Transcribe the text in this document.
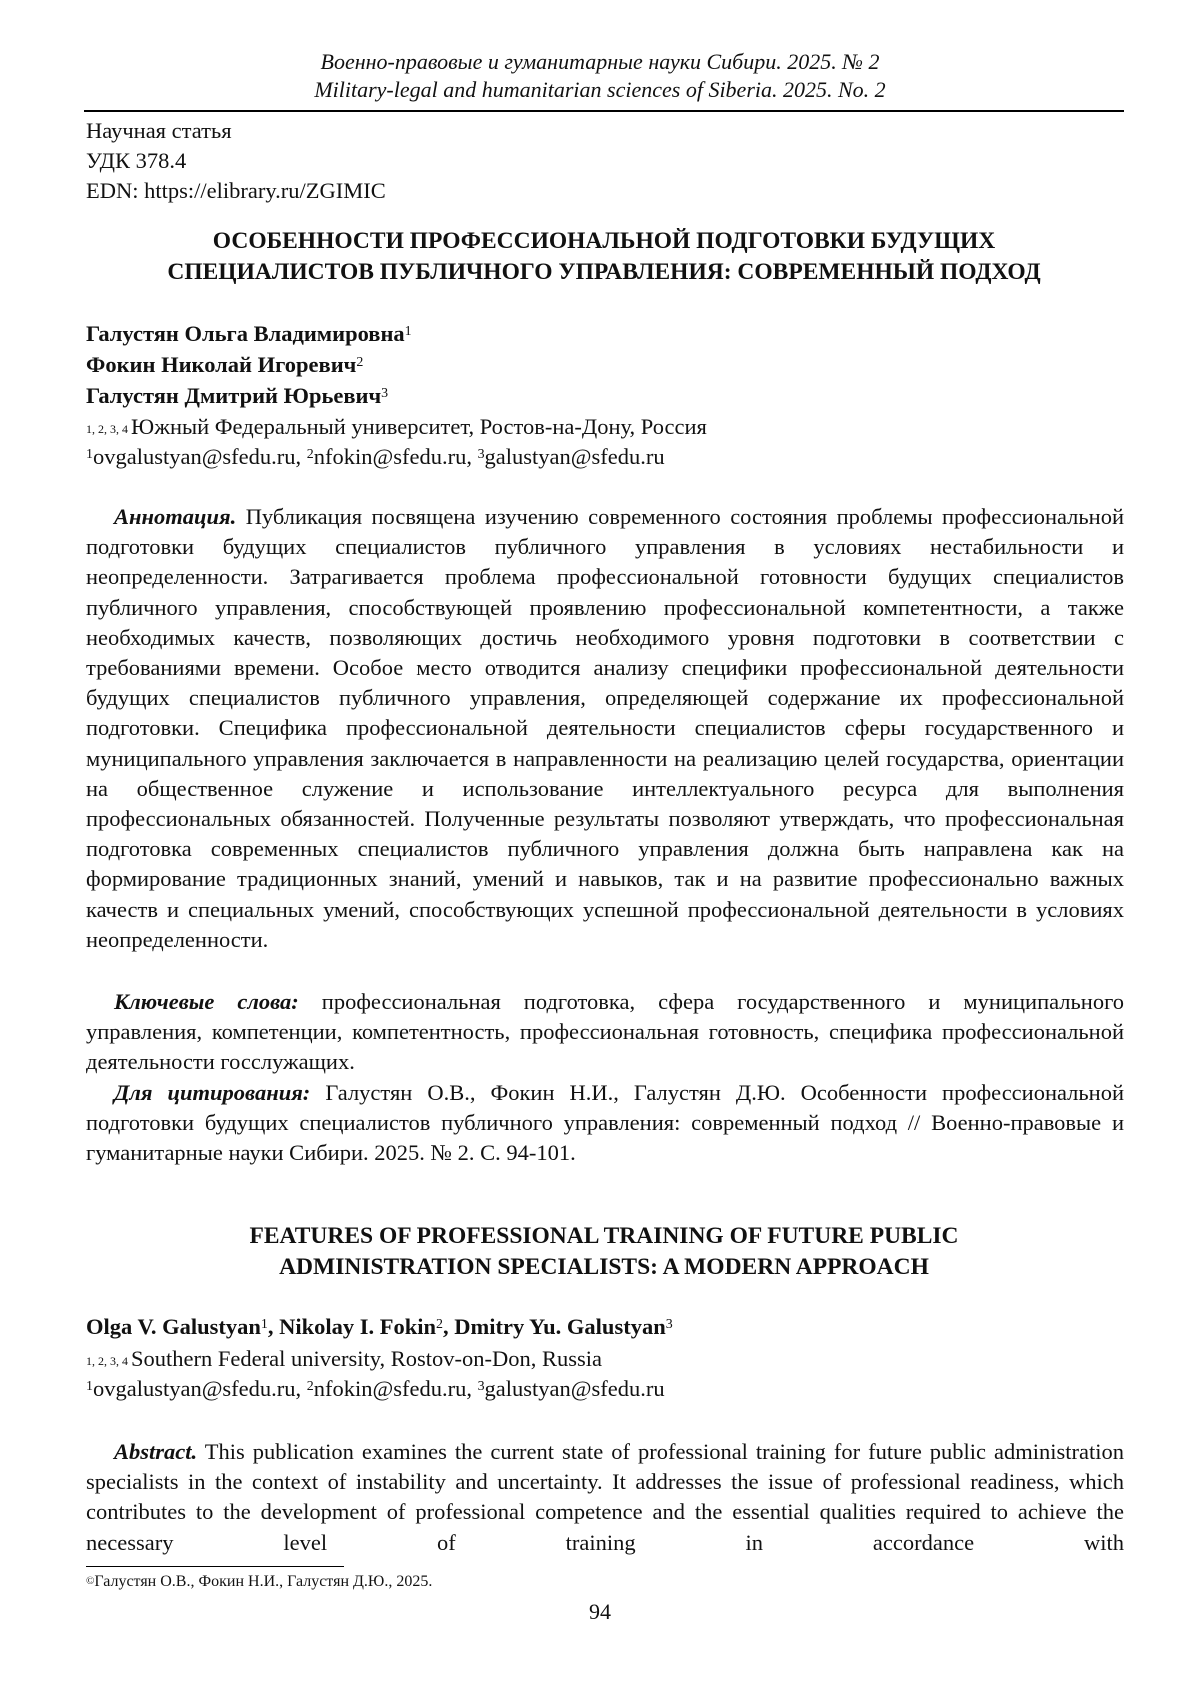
Военно-правовые и гуманитарные науки Сибири. 2025. № 2
Military-legal and humanitarian sciences of Siberia. 2025. No. 2
Научная статья
УДК 378.4
EDN: https://elibrary.ru/ZGIMIC
ОСОБЕННОСТИ ПРОФЕССИОНАЛЬНОЙ ПОДГОТОВКИ БУДУЩИХ
СПЕЦИАЛИСТОВ ПУБЛИЧНОГО УПРАВЛЕНИЯ: СОВРЕМЕННЫЙ ПОДХОД
Галустян Ольга Владимировна$^1$
Фокин Николай Игоревич$^2$
Галустян Дмитрий Юрьевич$^3$
$^{1, 2, 3, 4}$ Южный Федеральный университет, Ростов-на-Дону, Россия
$^1$ovgalustyan@sfedu.ru, $^2$nfokin@sfedu.ru, $^3$galustyan@sfedu.ru

Аннотация. Публикация посвящена изучению современного состояния проблемы профессиональной подготовки будущих специалистов публичного управления в условиях нестабильности и неопределенности. Затрагивается проблема профессиональной готовности будущих специалистов публичного управления, способствующей проявлению профессиональной компетентности, а также необходимых качеств, позволяющих достичь необходимого уровня подготовки в соответствии с требованиями времени. Особое место отводится анализу специфики профессиональной деятельности будущих специалистов публичного управления, определяющей содержание их профессиональной подготовки. Специфика профессиональной деятельности специалистов сферы государственного и муниципального управления заключается в направленности на реализацию целей государства, ориентации на общественное служение и использование интеллектуального ресурса для выполнения профессиональных обязанностей. Полученные результаты позволяют утверждать, что профессиональная подготовка современных специалистов публичного управления должна быть направлена как на формирование традиционных знаний, умений и навыков, так и на развитие профессионально важных качеств и специальных умений, способствующих успешной профессиональной деятельности в условиях неопределенности.

Ключевые слова: профессиональная подготовка, сфера государственного и муниципального управления, компетенции, компетентность, профессиональная готовность, специфика профессиональной деятельности госслужащих.

Для цитирования: Галустян О.В., Фокин Н.И., Галустян Д.Ю. Особенности профессиональной подготовки будущих специалистов публичного управления: современный подход // Военно-правовые и гуманитарные науки Сибири. 2025. № 2. С. 94-101.

FEATURES OF PROFESSIONAL TRAINING OF FUTURE PUBLIC
ADMINISTRATION SPECIALISTS: A MODERN APPROACH
Olga V. Galustyan$^1$, Nikolay I. Fokin$^2$, Dmitry Yu. Galustyan$^3$
$^{1, 2, 3, 4}$ Southern Federal university, Rostov-on-Don, Russia
$^1$ovgalustyan@sfedu.ru, $^2$nfokin@sfedu.ru, $^3$galustyan@sfedu.ru

Abstract. This publication examines the current state of professional training for future public administration specialists in the context of instability and uncertainty. It addresses the issue of professional readiness, which contributes to the development of professional competence and the essential qualities required to achieve the necessary level of training in accordance with

©Галустян О.В., Фокин Н.И., Галустян Д.Ю., 2025.
94
